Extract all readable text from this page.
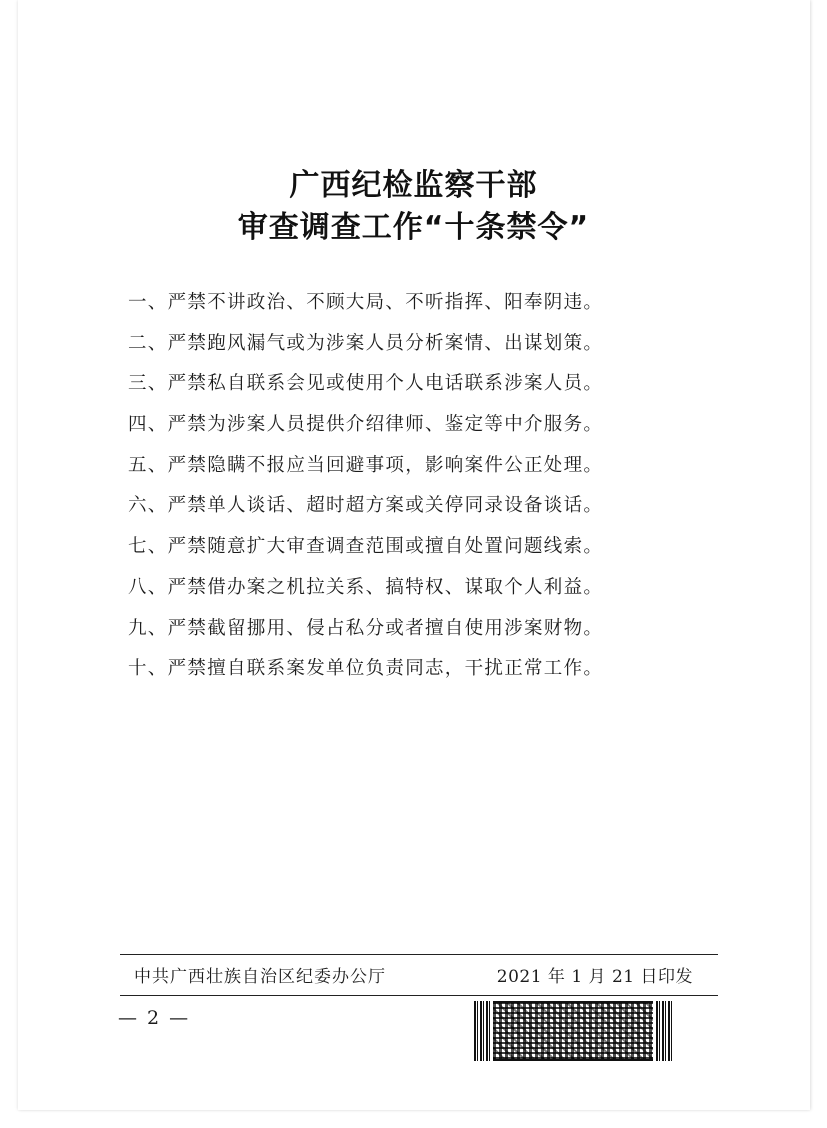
广西纪检监察干部
审查调查工作“十条禁令”
一、严禁不讲政治、不顾大局、不听指挥、阳奉阴违。
二、严禁跑风漏气或为涉案人员分析案情、出谋划策。
三、严禁私自联系会见或使用个人电话联系涉案人员。
四、严禁为涉案人员提供介绍律师、鉴定等中介服务。
五、严禁隐瞒不报应当回避事项，影响案件公正处理。
六、严禁单人谈话、超时超方案或关停同录设备谈话。
七、严禁随意扩大审查调查范围或擅自处置问题线索。
八、严禁借办案之机拉关系、搞特权、谋取个人利益。
九、严禁截留挪用、侵占私分或者擅自使用涉案财物。
十、严禁擅自联系案发单位负责同志，干扰正常工作。
中共广西壮族自治区纪委办公厅	2021 年 1 月 21 日印发
— 2 —
